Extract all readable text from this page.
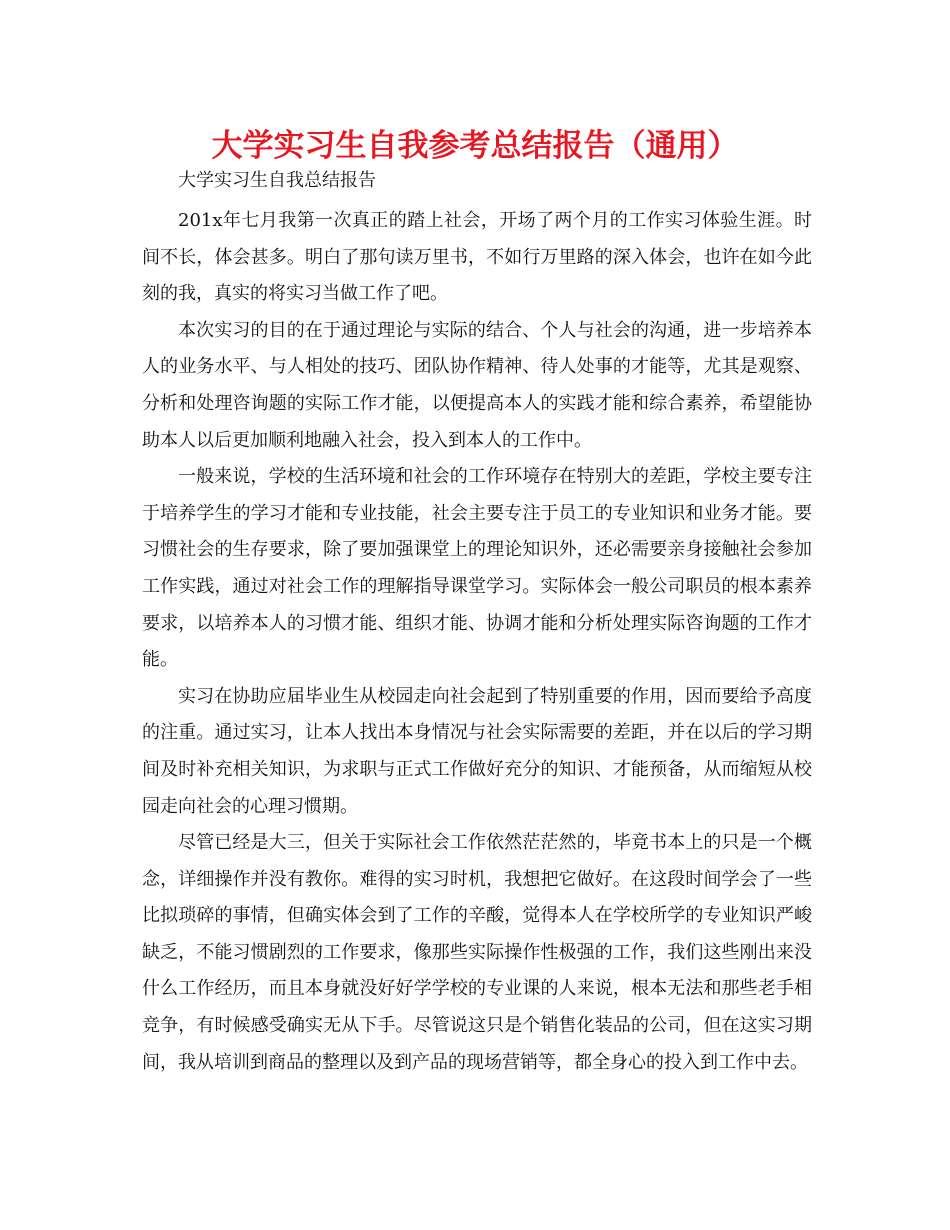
大学实习生自我参考总结报告（通用）

大学实习生自我总结报告

201x年七月我第一次真正的踏上社会，开场了两个月的工作实习体验生涯。时间不长，体会甚多。明白了那句读万里书，不如行万里路的深入体会，也许在如今此刻的我，真实的将实习当做工作了吧。

本次实习的目的在于通过理论与实际的结合、个人与社会的沟通，进一步培养本人的业务水平、与人相处的技巧、团队协作精神、待人处事的才能等，尤其是观察、分析和处理咨询题的实际工作才能，以便提高本人的实践才能和综合素养，希望能协助本人以后更加顺利地融入社会，投入到本人的工作中。

一般来说，学校的生活环境和社会的工作环境存在特别大的差距，学校主要专注于培养学生的学习才能和专业技能，社会主要专注于员工的专业知识和业务才能。要习惯社会的生存要求，除了要加强课堂上的理论知识外，还必需要亲身接触社会参加工作实践，通过对社会工作的理解指导课堂学习。实际体会一般公司职员的根本素养要求，以培养本人的习惯才能、组织才能、协调才能和分析处理实际咨询题的工作才能。

实习在协助应届毕业生从校园走向社会起到了特别重要的作用，因而要给予高度的注重。通过实习，让本人找出本身情况与社会实际需要的差距，并在以后的学习期间及时补充相关知识，为求职与正式工作做好充分的知识、才能预备，从而缩短从校园走向社会的心理习惯期。

尽管已经是大三，但关于实际社会工作依然茫茫然的，毕竟书本上的只是一个概念，详细操作并没有教你。难得的实习时机，我想把它做好。在这段时间学会了一些比拟琐碎的事情，但确实体会到了工作的辛酸，觉得本人在学校所学的专业知识严峻缺乏，不能习惯剧烈的工作要求，像那些实际操作性极强的工作，我们这些刚出来没什么工作经历，而且本身就没好好学学校的专业课的人来说，根本无法和那些老手相竞争，有时候感受确实无从下手。尽管说这只是个销售化装品的公司，但在这实习期间，我从培训到商品的整理以及到产品的现场营销等，都全身心的投入到工作中去。
